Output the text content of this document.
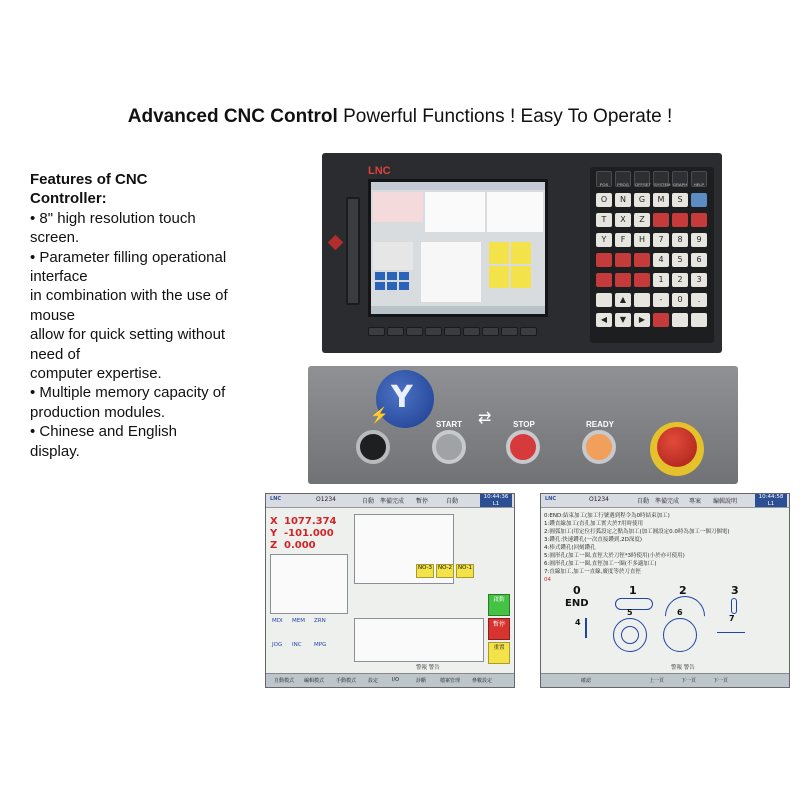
Advanced CNC Control Powerful Functions ! Easy To Operate !
Features of CNC
Controller:
• 8" high resolution touch
screen.
• Parameter filling operational
interface
in combination with the use of
mouse
allow for quick setting without
need of
computer expertise.
• Multiple memory capacity of
production modules.
• Chinese and English
display.
LNC
POS	PROG	OFFSET SYSTEM GRAPH	HELP
O	N	G	M	S
T	X	Z
Y	F	H	7	8	9
4	5	6
1	2	3
▲	-	0	.
◀	▼	▶
Y
⚡
START ⇄	STOP	READY
LNC	O1234	自動 準備完成 暫停	自動
10:44:36
L1
X 1077.374
Y -101.000
Z 0.000
NO-3	NO-2	NO-1
MDI MEM ZRN
JOG INC MPG
啟動
暫停
重置
警報 警告
自動模式 編輯模式 手動模式 設定	I/O	診斷	檔案管理 參數設定
LNC	O1234	自動 準備完成 專案 編輯說明
10:44:58
L1
0:END:結束加工(加工行號遇到程令為0時結束加工)
1:鑽直線加工(直孔加工實大於7用時使用
2:圓弧加工(用定位打弧設定之點為加工(加工圓設定0.0時為加工一個刀個電)
3:鑽孔:快速鑽孔(一次直接鑽到,2D深度)
4:棒式鑽孔(回刻鑽孔
5:圓形孔(加工一圈,直徑大於刀徑*3時使用(小於亦可使用)
6:圓形孔(加工一圈,直徑加工一圈(不多適加工)
7:直線加工,加工一直線,廣度等於刀直徑
04
0
END
1	2	3
4
5	6
7
警報 警告
確認	上一頁	下一頁	下一頁
